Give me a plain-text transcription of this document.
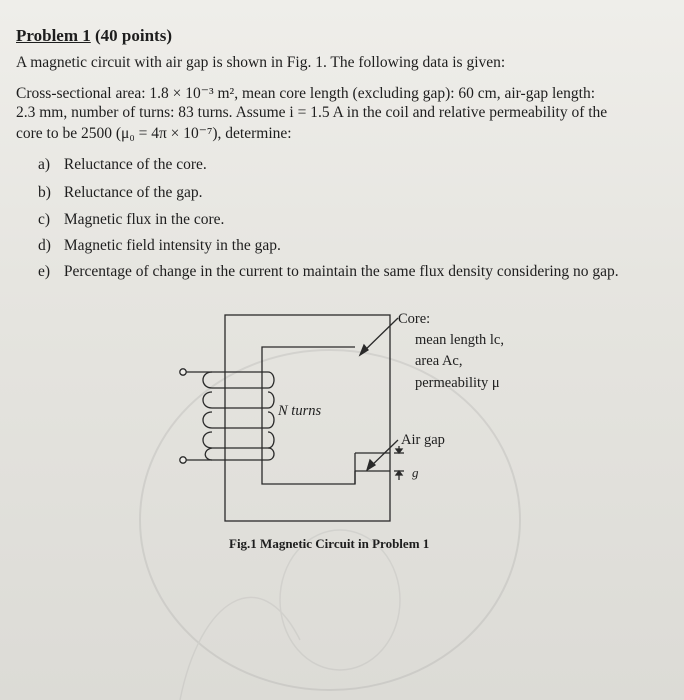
Problem 1 (40 points)
A magnetic circuit with air gap is shown in Fig. 1. The following data is given:
Cross-sectional area: 1.8 × 10⁻³ m², mean core length (excluding gap): 60 cm, air-gap length:
2.3 mm, number of turns: 83 turns. Assume i = 1.5 A in the coil and relative permeability of the
core to be 2500 (μ₀ = 4π × 10⁻⁷), determine:
a) Reluctance of the core.
b) Reluctance of the gap.
c) Magnetic flux in the core.
d) Magnetic field intensity in the gap.
e) Percentage of change in the current to maintain the same flux density considering no gap.
Core:
mean length lc,
area Ac,
permeability μ
N turns
Air gap
g
Fig.1 Magnetic Circuit in Problem 1
